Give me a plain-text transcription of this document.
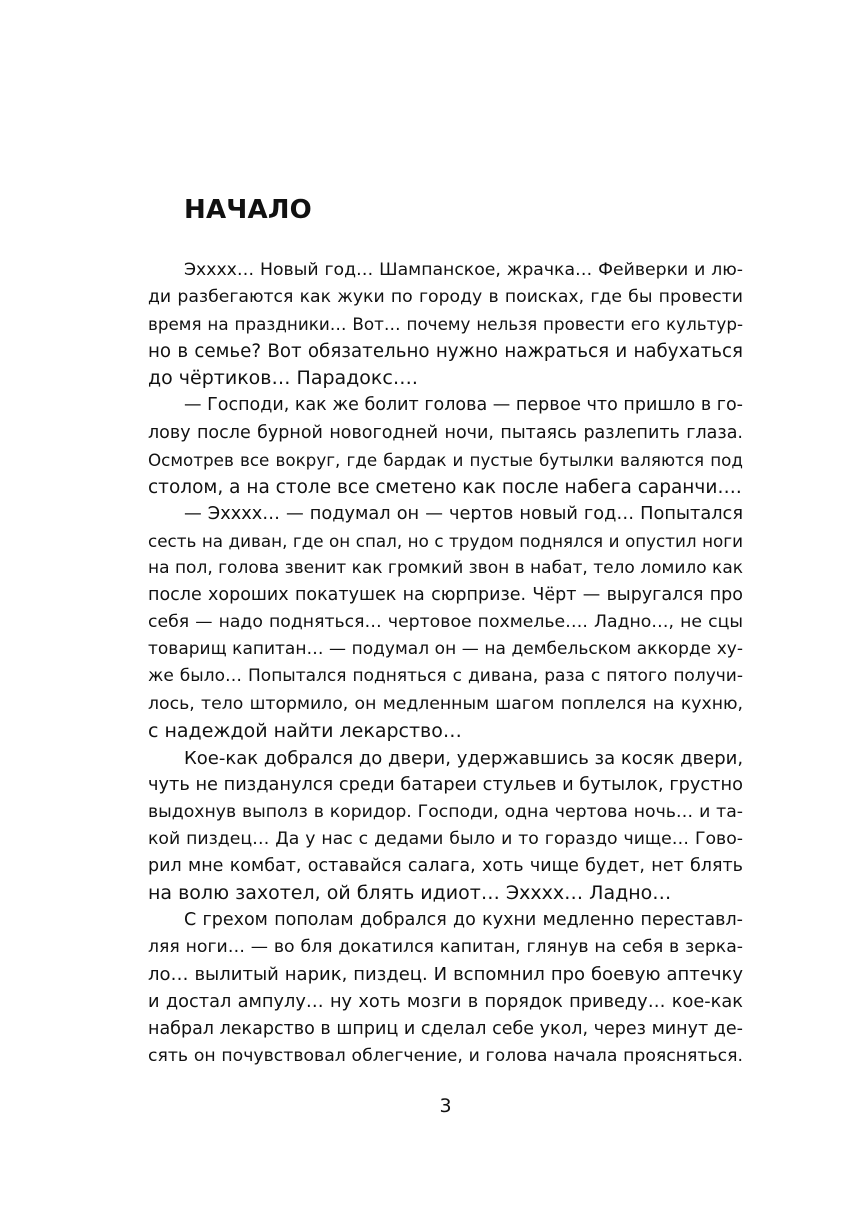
НАЧАЛО
Эхххх… Новый год… Шампанское, жрачка… Фейверки и лю-
ди разбегаются как жуки по городу в поисках, где бы провести
время на праздники… Вот… почему нельзя провести его культур-
но в семье? Вот обязательно нужно нажраться и набухаться
до чёртиков… Парадокс….
— Господи, как же болит голова — первое что пришло в го-
лову после бурной новогодней ночи, пытаясь разлепить глаза.
Осмотрев все вокруг, где бардак и пустые бутылки валяются под
столом, а на столе все сметено как после набега саранчи….
— Эхххх… — подумал он — чертов новый год… Попытался
сесть на диван, где он спал, но с трудом поднялся и опустил ноги
на пол, голова звенит как громкий звон в набат, тело ломило как
после хороших покатушек на сюрпризе. Чёрт — выругался про
себя — надо подняться… чертовое похмелье…. Ладно…, не сцы
товарищ капитан… — подумал он — на дембельском аккорде ху-
же было… Попытался подняться с дивана, раза с пятого получи-
лось, тело штормило, он медленным шагом поплелся на кухню,
с надеждой найти лекарство…
Кое-как добрался до двери, удержавшись за косяк двери,
чуть не пизданулся среди батареи стульев и бутылок, грустно
выдохнув выполз в коридор. Господи, одна чертова ночь… и та-
кой пиздец… Да у нас с дедами было и то гораздо чище… Гово-
рил мне комбат, оставайся салага, хоть чище будет, нет блять
на волю захотел, ой блять идиот… Эхххх… Ладно…
С грехом пополам добрался до кухни медленно переставл-
ляя ноги… — во бля докатился капитан, глянув на себя в зерка-
ло… вылитый нарик, пиздец. И вспомнил про боевую аптечку
и достал ампулу… ну хоть мозги в порядок приведу… кое-как
набрал лекарство в шприц и сделал себе укол, через минут де-
сять он почувствовал облегчение, и голова начала проясняться.
3
